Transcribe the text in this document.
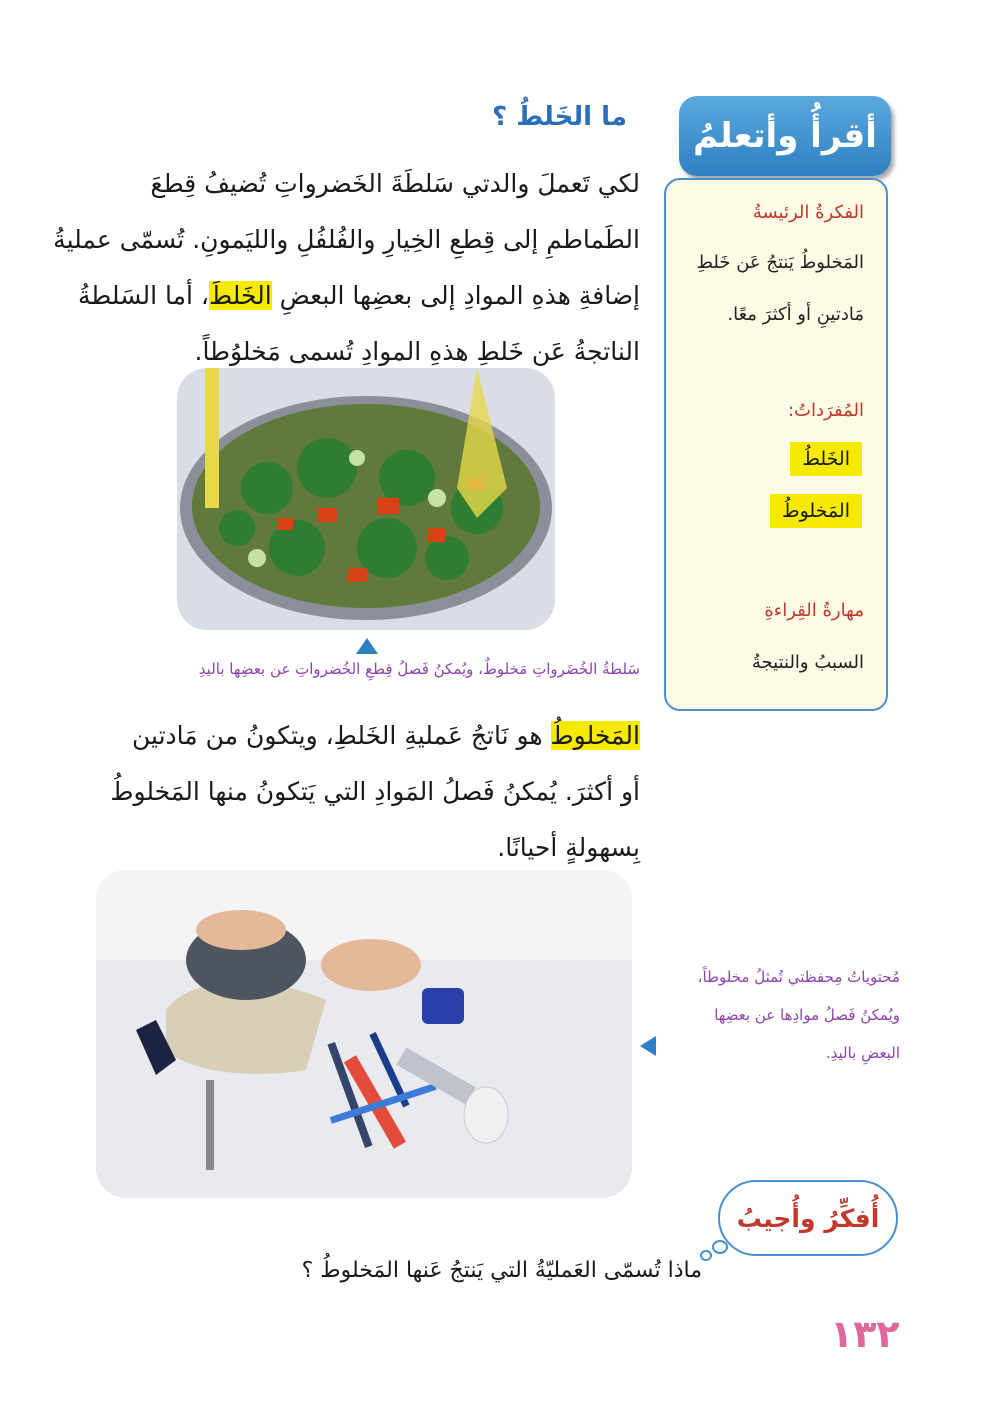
أقرأُ وأتعلمُ
ما الخَلطُ ؟
الفكرةُ الرئيسةُ
المَخلوطُ يَنتجُ عَن خَلطِ
مَادتينِ أو أكثرَ معًا.
المُفرَداتُ:
الخَلطُ
المَخلوطُ
مهارةُ القِراءةِ
السببُ والنتيجةُ
لكي تَعملَ والدتي سَلطَةَ الخَضرواتِ تُضيفُ قِطعَ
الطَماطمِ إلى قِطعِ الخِيارِ والفُلفُلِ والليَمونِ. تُسمّى عمليةُ
إضافةِ هذهِ الموادِ إلى بعضِها البعضِ الخَلطَ، أما السَلطةُ
الناتجةُ عَن خَلطِ هذهِ الموادِ تُسمى مَخلوُطاً.
سَلطةُ الخُضَرواتِ مَخلوطٌ، ويُمكنُ فَصلُ قِطعِ الخُضرواتِ عن بعضِها باليدِ
المَخلوطُ هو نَاتجُ عَمليةِ الخَلطِ، ويتكونُ من مَادتين
أو أكثرَ. يُمكنُ فَصلُ المَوادِ التي يَتكونُ منها المَخلوطُ
بِسهولةٍ أحيانًا.
مُحتوياتُ مِحفظتي تُمثلُ مخلوطاً،
ويُمكنُ فَصلُ موادِها عن بعضِها
البعضِ باليدِ.
أُفكِّرُ وأُجيبُ
ماذا تُسمّى العَمليّةُ التي يَنتجُ عَنها المَخلوطُ ؟
١٣٢
